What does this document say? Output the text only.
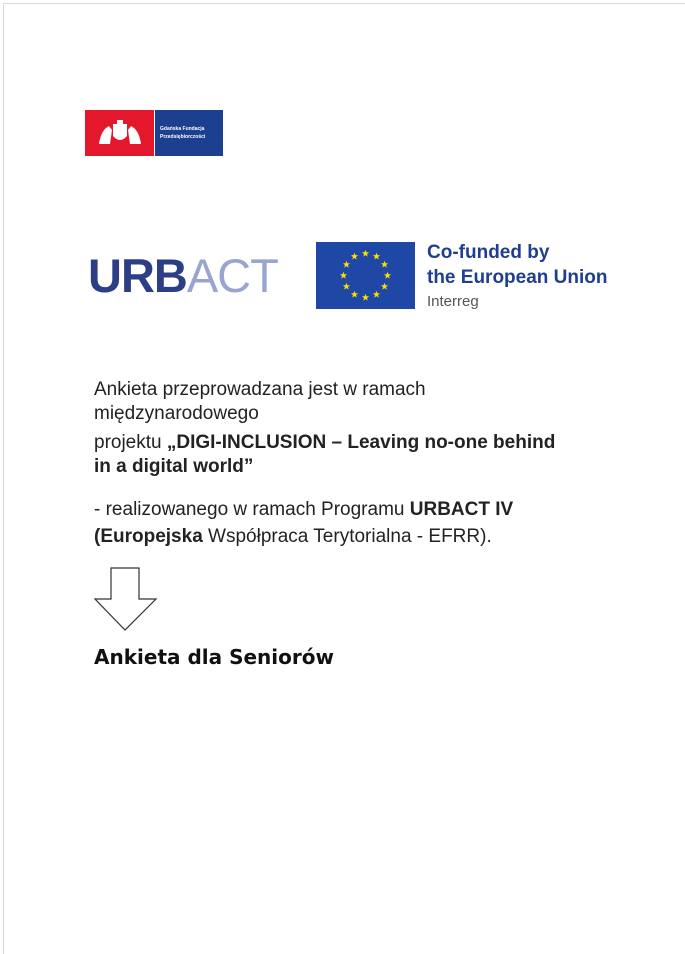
Gdańska Fundacja
Przedsiębiorczości
URBACT	Co-funded by
the European Union
Interreg
Ankieta przeprowadzana jest w ramach
międzynarodowego
projektu „DIGI-INCLUSION – Leaving no-one behind
in a digital world”
- realizowanego w ramach Programu URBACT IV
(Europejska Współpraca Terytorialna - EFRR).
Ankieta dla Seniorów
